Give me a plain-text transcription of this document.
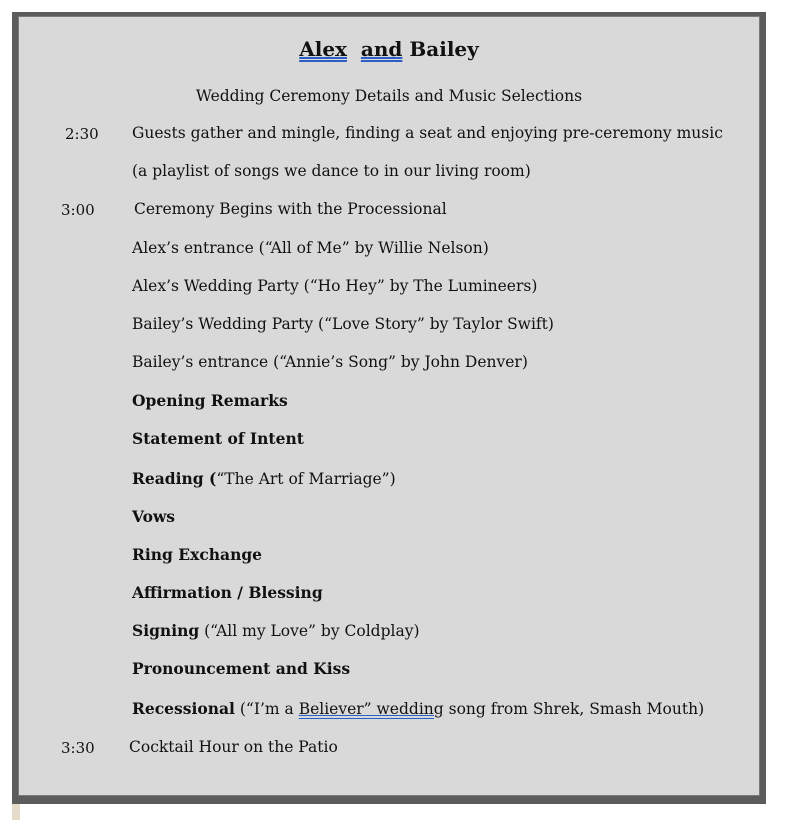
Alex and Bailey
Wedding Ceremony Details and Music Selections
2:30 Guests gather and mingle, finding a seat and enjoying pre-ceremony music
(a playlist of songs we dance to in our living room)
3:00	Ceremony Begins with the Processional
Alex’s entrance (“All of Me” by Willie Nelson)
Alex’s Wedding Party (“Ho Hey” by The Lumineers)
Bailey’s Wedding Party (“Love Story” by Taylor Swift)
Bailey’s entrance (“Annie’s Song” by John Denver)
Opening Remarks
Statement of Intent
Reading (“The Art of Marriage”)
Vows
Ring Exchange
Affirmation / Blessing
Signing (“All my Love” by Coldplay)
Pronouncement and Kiss
Recessional (“I’m a Believer” wedding song from Shrek, Smash Mouth)
3:30 Cocktail Hour on the Patio
